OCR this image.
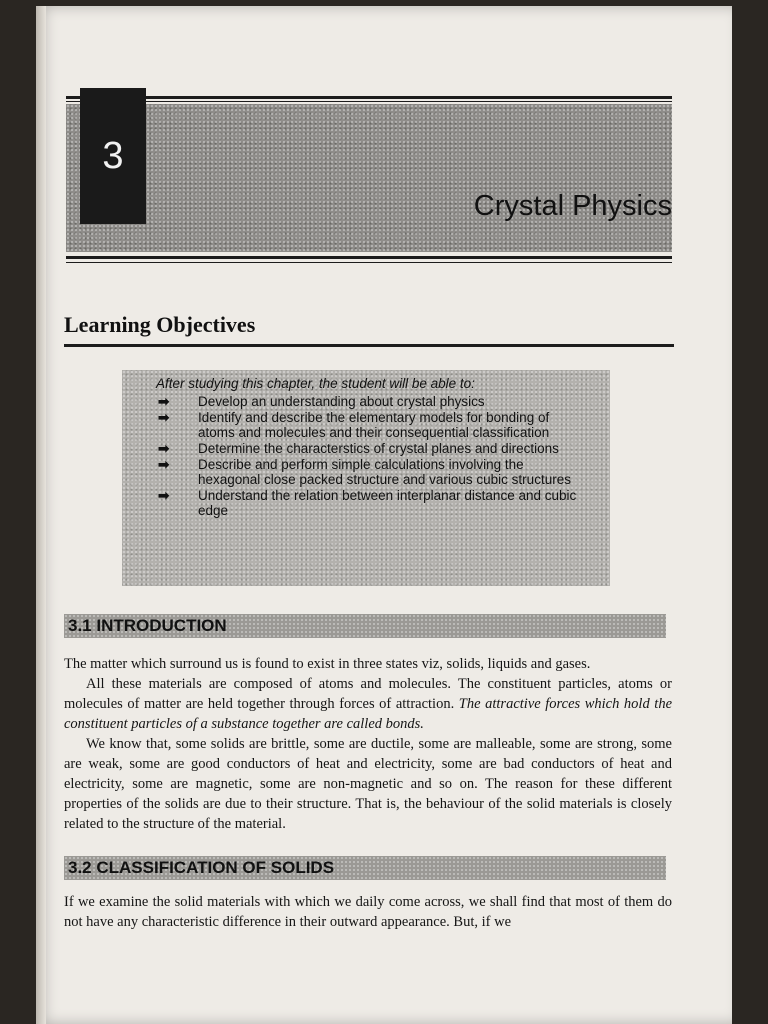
3
Crystal Physics
Learning Objectives
After studying this chapter, the student will be able to:
➡ Develop an understanding about crystal physics
➡ Identify and describe the elementary models for bonding of atoms and molecules and their consequential classification
➡ Determine the characterstics of crystal planes and directions
➡ Describe and perform simple calculations involving the hexagonal close packed structure and various cubic structures
➡ Understand the relation between interplanar distance and cubic edge
3.1 INTRODUCTION

The matter which surround us is found to exist in three states viz, solids, liquids and gases.

All these materials are composed of atoms and molecules. The constituent particles, atoms or molecules of matter are held together through forces of attraction. The attractive forces which hold the constituent particles of a substance together are called bonds.

We know that, some solids are brittle, some are ductile, some are malleable, some are strong, some are weak, some are good conductors of heat and electricity, some are bad conductors of heat and electricity, some are magnetic, some are non-magnetic and so on. The reason for these different properties of the solids are due to their structure. That is, the behaviour of the solid materials is closely related to the structure of the material.

3.2 CLASSIFICATION OF SOLIDS

If we examine the solid materials with which we daily come across, we shall find that most of them do not have any characteristic difference in their outward appearance. But, if we
